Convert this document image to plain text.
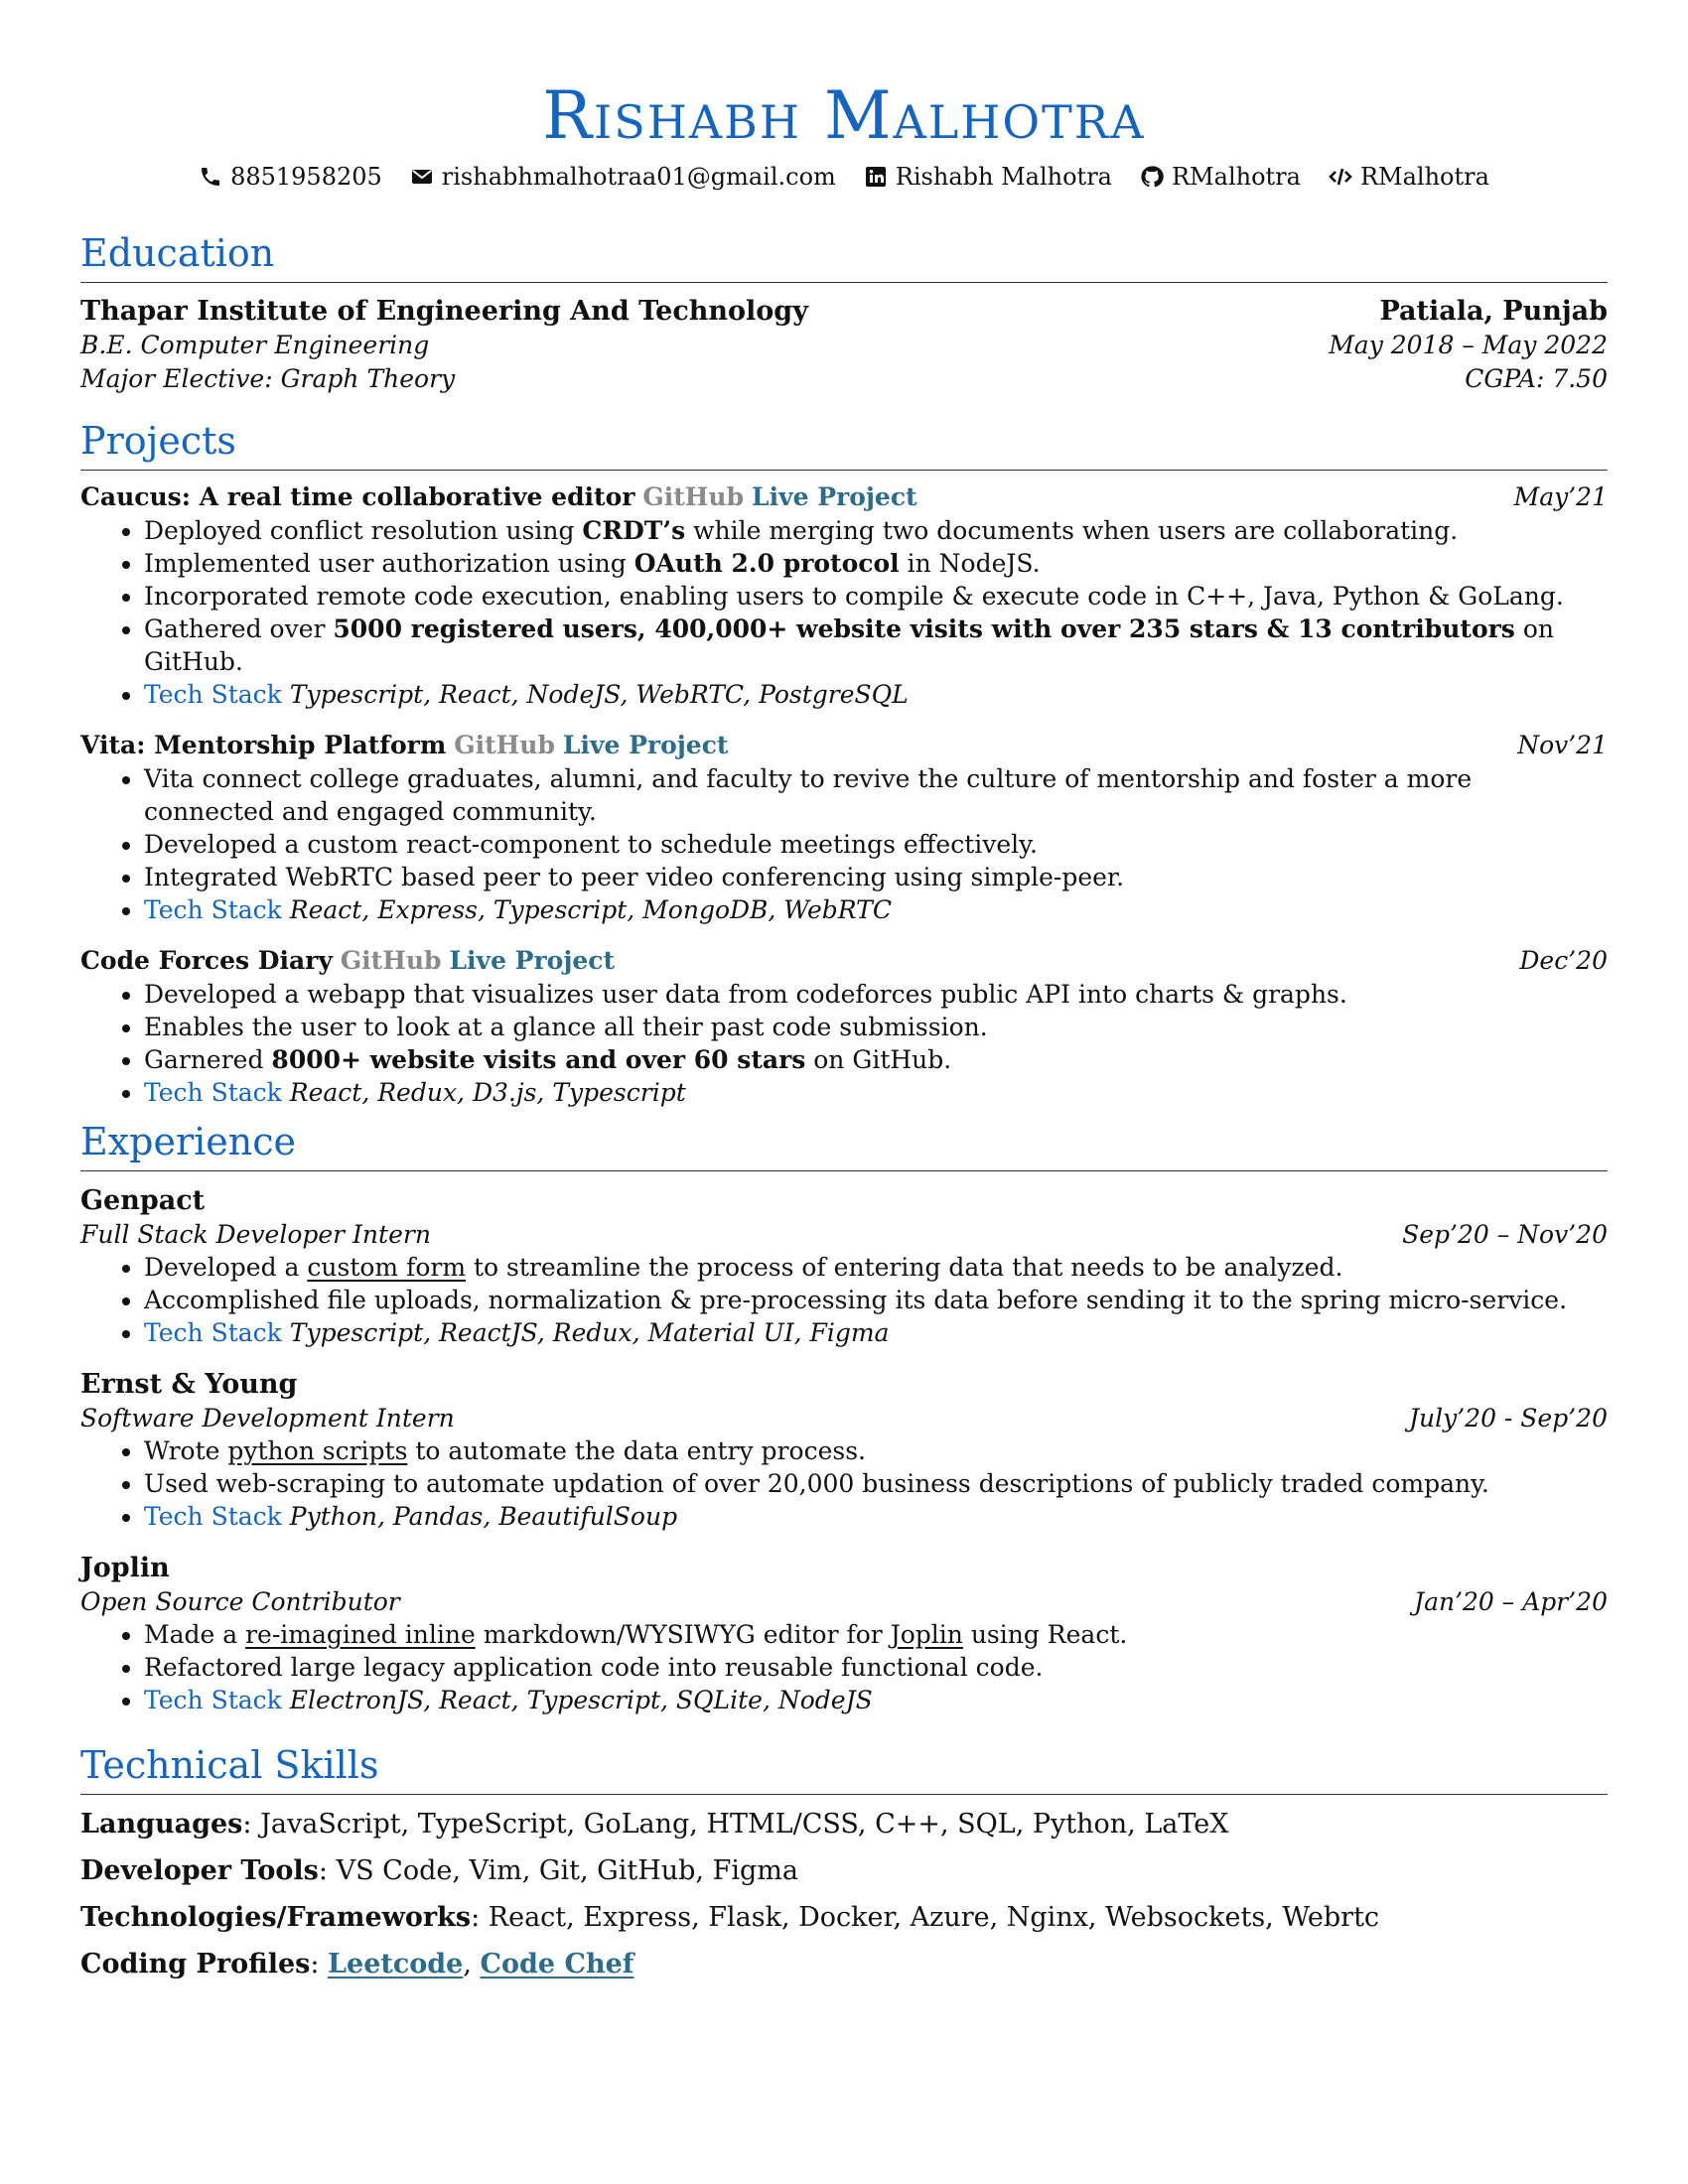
Rishabh Malhotra
8851958205	rishabhmalhotraa01@gmail.com	Rishabh Malhotra	RMalhotra	RMalhotra
Education
Thapar Institute of Engineering And Technology	Patiala, Punjab
B.E. Computer Engineering	May 2018 – May 2022
Major Elective: Graph Theory	CGPA: 7.50
Projects
Caucus: A real time collaborative editor GitHub Live Project	May’21
• Deployed conflict resolution using CRDT’s while merging two documents when users are collaborating.
• Implemented user authorization using OAuth 2.0 protocol in NodeJS.
• Incorporated remote code execution, enabling users to compile & execute code in C++, Java, Python & GoLang.
• Gathered over 5000 registered users, 400,000+ website visits with over 235 stars & 13 contributors on GitHub.
• Tech Stack Typescript, React, NodeJS, WebRTC, PostgreSQL
Vita: Mentorship Platform GitHub Live Project	Nov’21
• Vita connect college graduates, alumni, and faculty to revive the culture of mentorship and foster a more connected and engaged community.
• Developed a custom react-component to schedule meetings effectively.
• Integrated WebRTC based peer to peer video conferencing using simple-peer.
• Tech Stack React, Express, Typescript, MongoDB, WebRTC
Code Forces Diary GitHub Live Project	Dec’20
• Developed a webapp that visualizes user data from codeforces public API into charts & graphs.
• Enables the user to look at a glance all their past code submission.
• Garnered 8000+ website visits and over 60 stars on GitHub.
• Tech Stack React, Redux, D3.js, Typescript
Experience
Genpact
Full Stack Developer Intern	Sep’20 – Nov’20
• Developed a custom form to streamline the process of entering data that needs to be analyzed.
• Accomplished file uploads, normalization & pre-processing its data before sending it to the spring micro-service.
• Tech Stack Typescript, ReactJS, Redux, Material UI, Figma
Ernst & Young
Software Development Intern	July’20 - Sep’20
• Wrote python scripts to automate the data entry process.
• Used web-scraping to automate updation of over 20,000 business descriptions of publicly traded company.
• Tech Stack Python, Pandas, BeautifulSoup
Joplin
Open Source Contributor	Jan’20 – Apr’20
• Made a re-imagined inline markdown/WYSIWYG editor for Joplin using React.
• Refactored large legacy application code into reusable functional code.
• Tech Stack ElectronJS, React, Typescript, SQLite, NodeJS
Technical Skills
Languages: JavaScript, TypeScript, GoLang, HTML/CSS, C++, SQL, Python, LaTeX
Developer Tools: VS Code, Vim, Git, GitHub, Figma
Technologies/Frameworks: React, Express, Flask, Docker, Azure, Nginx, Websockets, Webrtc
Coding Profiles: Leetcode, Code Chef
